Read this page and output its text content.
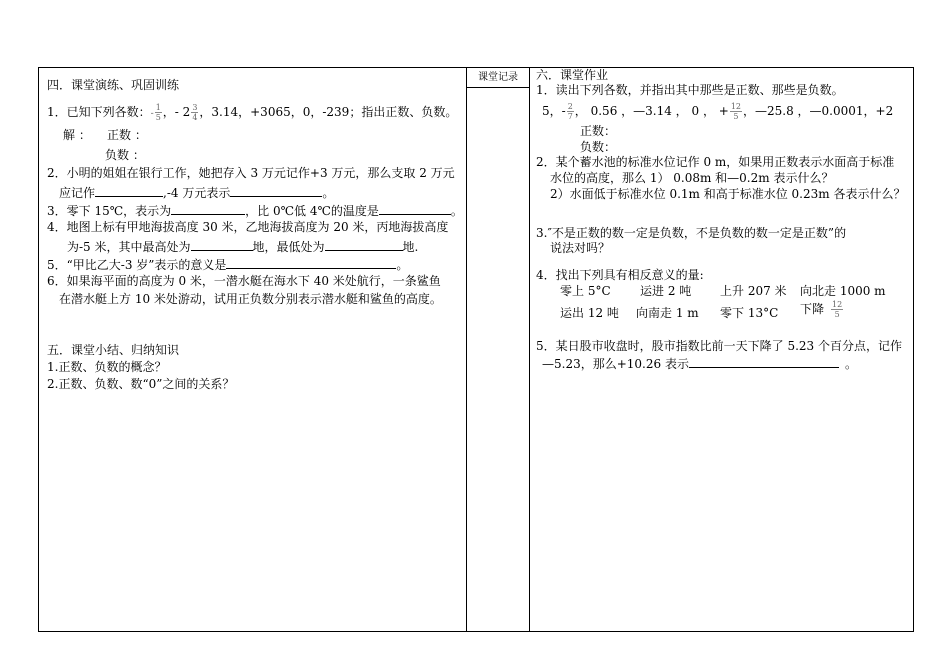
四．课堂演练、巩固训练
1．已知下列各数：- $\frac{1}{5}$ ，- $2 \frac{3}{4}$ ，3.14，+3065，0，-239；指出正数、负数。
解 ： 正数 ：
负数 ：
2．小明的姐姐在银行工作，她把存入 3 万元记作+3 万元，那么支取 2 万元
应记作	,-4 万元表示	。
3．零下 15℃，表示为	，比 0℃低 4℃的温度是	。
4．地图上标有甲地海拔高度 30 米，乙地海拔高度为 20 米，丙地海拔高度
为-5 米，其中最高处为	地，最低处为	地.
5．“甲比乙大-3 岁”表示的意义是	。
6．如果海平面的高度为 0 米，一潜水艇在海水下 40 米处航行，一条鲨鱼
在潜水艇上方 10 米处游动，试用正负数分别表示潜水艇和鲨鱼的高度。
五．课堂小结、归纳知识
1.正数、负数的概念？
2.正数、负数、数“0”之间的关系？
课堂记录	六．课堂作业
1．读出下列各数，并指出其中那些是正数、那些是负数。
5，- $\frac{2}{7}$ ， 0.56 ，—3.14 ， 0 ， + $\frac{12}{5}$ ，—25.8 ，—0.0001，+2
正数：
负数：
2．某个蓄水池的标准水位记作 0 m，如果用正数表示水面高于标准
水位的高度，那么 1） 0.08m 和—0.2m 表示什么？
2）水面低于标准水位 0.1m 和高于标准水位 0.23m 各表示什么？
3.″不是正数的数一定是负数，不是负数的数一定是正数”的
说法对吗？
4．找出下列具有相反意义的量:
零上 5°C 运进 2 吨 上升 207 米 向北走 1000 m
运出 12 吨 向南走 1 m 零下 13°C 下降 $\frac{12}{5}$
5．某日股市收盘时，股市指数比前一天下降了 5.23 个百分点，记作
—5.23，那么+10.26 表示	。
